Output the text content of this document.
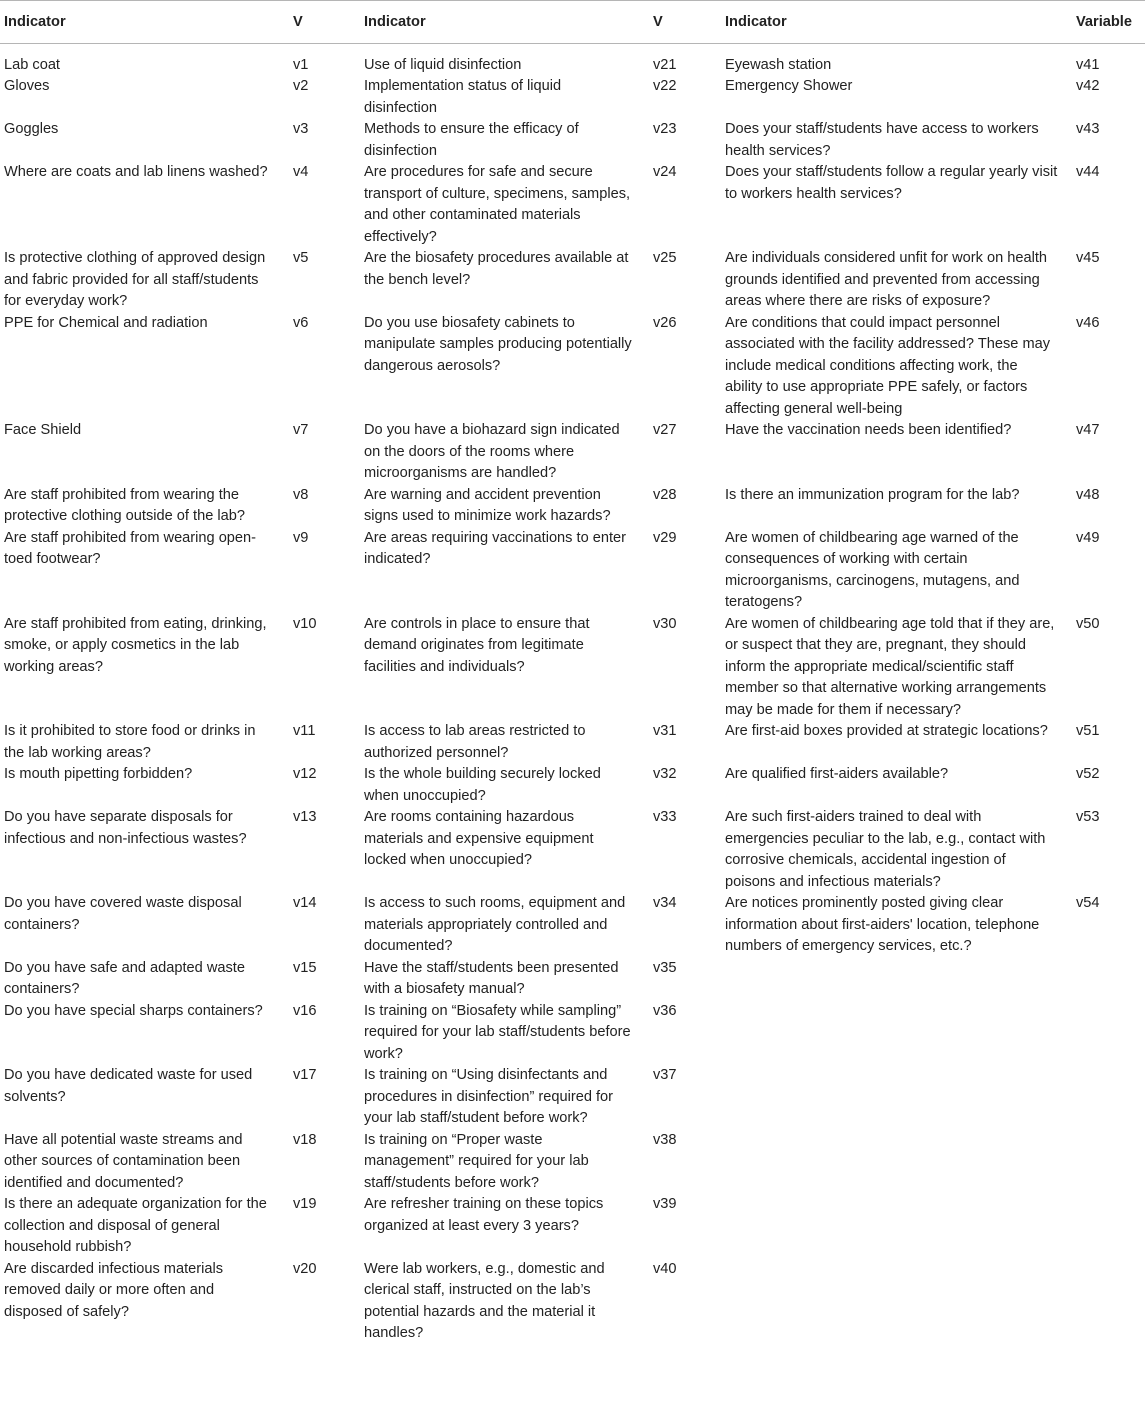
Indicator	V	Indicator	V	Indicator	Variable
Lab coat	v1	Use of liquid disinfection	v21	Eyewash station	v41
Gloves	v2	Implementation status of liquid disinfection	v22	Emergency Shower	v42
Goggles	v3	Methods to ensure the efficacy of disinfection	v23	Does your staff/students have access to workers health services?	v43
Where are coats and lab linens washed?	v4	Are procedures for safe and secure transport of culture, specimens, samples, and other contaminated materials effectively?	v24	Does your staff/students follow a regular yearly visit to workers health services?	v44
Is protective clothing of approved design and fabric provided for all staff/students for everyday work?	v5	Are the biosafety procedures available at the bench level?	v25	Are individuals considered unfit for work on health grounds identified and prevented from accessing areas where there are risks of exposure?	v45
PPE for Chemical and radiation	v6	Do you use biosafety cabinets to manipulate samples producing potentially dangerous aerosols?	v26	Are conditions that could impact personnel associated with the facility addressed? These may include medical conditions affecting work, the ability to use appropriate PPE safely, or factors affecting general well-being	v46
Face Shield	v7	Do you have a biohazard sign indicated on the doors of the rooms where microorganisms are handled?	v27	Have the vaccination needs been identified?	v47
Are staff prohibited from wearing the protective clothing outside of the lab?	v8	Are warning and accident prevention signs used to minimize work hazards?	v28	Is there an immunization program for the lab?	v48
Are staff prohibited from wearing open-toed footwear?	v9	Are areas requiring vaccinations to enter indicated?	v29	Are women of childbearing age warned of the consequences of working with certain microorganisms, carcinogens, mutagens, and teratogens?	v49
Are staff prohibited from eating, drinking, smoke, or apply cosmetics in the lab working areas?	v10	Are controls in place to ensure that demand originates from legitimate facilities and individuals?	v30	Are women of childbearing age told that if they are, or suspect that they are, pregnant, they should inform the appropriate medical/scientific staff member so that alternative working arrangements may be made for them if necessary?	v50
Is it prohibited to store food or drinks in the lab working areas?	v11	Is access to lab areas restricted to authorized personnel?	v31	Are first-aid boxes provided at strategic locations?	v51
Is mouth pipetting forbidden?	v12	Is the whole building securely locked when unoccupied?	v32	Are qualified first-aiders available?	v52
Do you have separate disposals for infectious and non-infectious wastes?	v13	Are rooms containing hazardous materials and expensive equipment locked when unoccupied?	v33	Are such first-aiders trained to deal with emergencies peculiar to the lab, e.g., contact with corrosive chemicals, accidental ingestion of poisons and infectious materials?	v53
Do you have covered waste disposal containers?	v14	Is access to such rooms, equipment and materials appropriately controlled and documented?	v34	Are notices prominently posted giving clear information about first-aiders' location, telephone numbers of emergency services, etc.?	v54
Do you have safe and adapted waste containers?	v15	Have the staff/students been presented with a biosafety manual?	v35		
Do you have special sharps containers?	v16	Is training on “Biosafety while sampling” required for your lab staff/students before work?	v36		
Do you have dedicated waste for used solvents?	v17	Is training on “Using disinfectants and procedures in disinfection” required for your lab staff/student before work?	v37		
Have all potential waste streams and other sources of contamination been identified and documented?	v18	Is training on “Proper waste management” required for your lab staff/students before work?	v38		
Is there an adequate organization for the collection and disposal of general household rubbish?	v19	Are refresher training on these topics organized at least every 3 years?	v39		
Are discarded infectious materials removed daily or more often and disposed of safely?	v20	Were lab workers, e.g., domestic and clerical staff, instructed on the lab’s potential hazards and the material it handles?	v40		
